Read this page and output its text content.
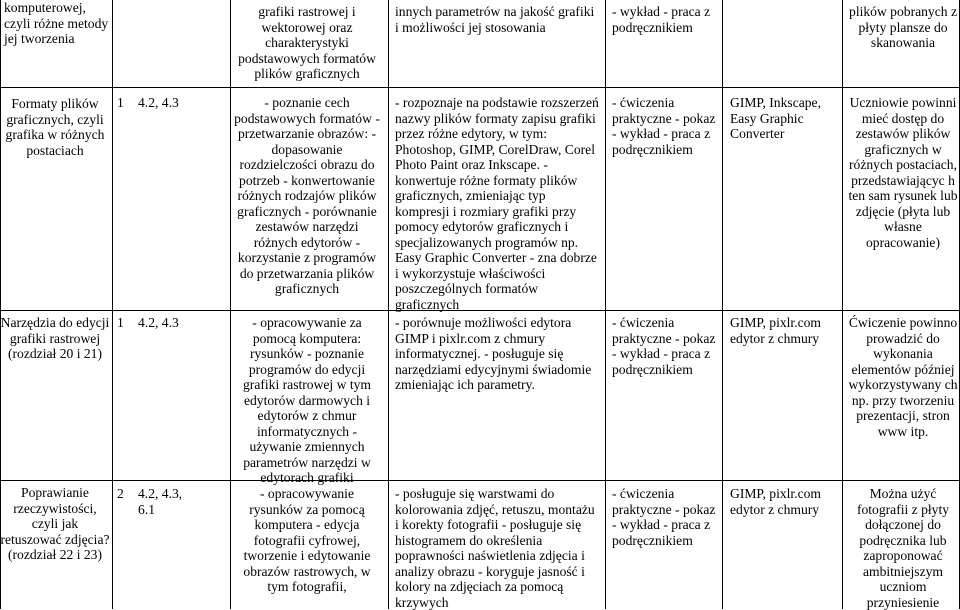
komputerowej, czyli różne metody jej tworzenia
Formaty plików graficznych, czyli grafika w różnych postaciach
Narzędzia do edycji grafiki rastrowej (rozdział 20 i 21)
Poprawianie rzeczywistości, czyli jak retuszować zdjęcia? (rozdział 22 i 23)
1
1
2
4.2, 4.3
4.2, 4.3
4.2, 4.3, 6.1
grafiki rastrowej i wektorowej oraz charakterystyki podstawowych formatów plików graficznych
- poznanie cech podstawowych formatów - przetwarzanie obrazów: - dopasowanie rozdzielczości obrazu do potrzeb - konwertowanie różnych rodzajów plików graficznych - porównanie zestawów narzędzi różnych edytorów - korzystanie z programów do przetwarzania plików graficznych
- opracowywanie za pomocą komputera: rysunków - poznanie programów do edycji grafiki rastrowej w tym edytorów darmowych i edytorów z chmur informatycznych - używanie zmiennych parametrów narzędzi w edytorach grafiki
- opracowywanie rysunków za pomocą komputera - edycja fotografii cyfrowej, tworzenie i edytowanie obrazów rastrowych, w tym fotografii,
innych parametrów na jakość grafiki i możliwości jej stosowania
- rozpoznaje na podstawie rozszerzeń nazwy plików formaty zapisu grafiki przez różne edytory, w tym: Photoshop, GIMP, CorelDraw, Corel Photo Paint oraz Inkscape. - konwertuje różne formaty plików graficznych, zmieniając typ kompresji i rozmiary grafiki przy pomocy edytorów graficznych i specjalizowanych programów np. Easy Graphic Converter - zna dobrze i wykorzystuje właściwości poszczególnych formatów graficznych
- porównuje możliwości edytora GIMP i pixlr.com z chmury informatycznej. - posługuje się narzędziami edycyjnymi świadomie zmieniając ich parametry.
- posługuje się warstwami do kolorowania zdjęć, retuszu, montażu i korekty fotografii - posługuje się histogramem do określenia poprawności naświetlenia zdjęcia i analizy obrazu - koryguje jasność i kolory na zdjęciach za pomocą krzywych
- wykład - praca z podręcznikiem
- ćwiczenia praktyczne - pokaz - wykład - praca z podręcznikiem
- ćwiczenia praktyczne - pokaz - wykład - praca z podręcznikiem
- ćwiczenia praktyczne - pokaz - wykład - praca z podręcznikiem
GIMP, Inkscape, Easy Graphic Converter
GIMP, pixlr.com edytor z chmury
GIMP, pixlr.com edytor z chmury
plików pobranych z płyty plansze do skanowania
Uczniowie powinni mieć dostęp do zestawów plików graficznych w różnych postaciach, przedstawiającyc h ten sam rysunek lub zdjęcie (płyta lub własne opracowanie)
Ćwiczenie powinno prowadzić do wykonania elementów później wykorzystywany ch np. przy tworzeniu prezentacji, stron www itp.
Można użyć fotografii z płyty dołączonej do podręcznika lub zaproponować ambitniejszym uczniom przyniesienie
